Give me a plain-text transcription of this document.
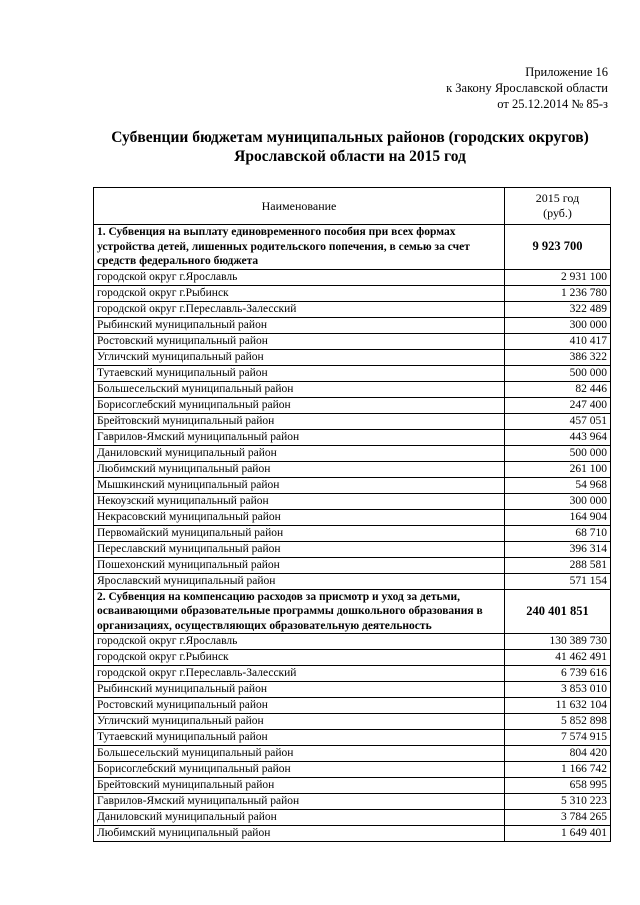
Приложение 16
к Закону Ярославской области
от 25.12.2014 № 85-з
Субвенции бюджетам муниципальных районов (городских округов)
Ярославской области на 2015 год
Наименование	2015 год
(руб.)

1. Субвенция на выплату единовременного пособия при всех формах устройства детей, лишенных родительского попечения, в семью за счет средств федерального бюджета	9 923 700
городской округ г.Ярославль	2 931 100
городской округ г.Рыбинск	1 236 780
городской округ г.Переславль-Залесский	322 489
Рыбинский муниципальный район	300 000
Ростовский муниципальный район	410 417
Угличский муниципальный район	386 322
Тутаевский муниципальный район	500 000
Большесельский муниципальный район	82 446
Борисоглебский муниципальный район	247 400
Брейтовский муниципальный район	457 051
Гаврилов-Ямский муниципальный район	443 964
Даниловский муниципальный район	500 000
Любимский муниципальный район	261 100
Мышкинский муниципальный район	54 968
Некоузский муниципальный район	300 000
Некрасовский муниципальный район	164 904
Первомайский муниципальный район	68 710
Переславский муниципальный район	396 314
Пошехонский муниципальный район	288 581
Ярославский муниципальный район	571 154
2. Субвенция на компенсацию расходов за присмотр и уход за детьми, осваивающими образовательные программы дошкольного образования в организациях, осуществляющих образовательную деятельность	240 401 851
городской округ г.Ярославль	130 389 730
городской округ г.Рыбинск	41 462 491
городской округ г.Переславль-Залесский	6 739 616
Рыбинский муниципальный район	3 853 010
Ростовский муниципальный район	11 632 104
Угличский муниципальный район	5 852 898
Тутаевский муниципальный район	7 574 915
Большесельский муниципальный район	804 420
Борисоглебский муниципальный район	1 166 742
Брейтовский муниципальный район	658 995
Гаврилов-Ямский муниципальный район	5 310 223
Даниловский муниципальный район	3 784 265
Любимский муниципальный район	1 649 401
